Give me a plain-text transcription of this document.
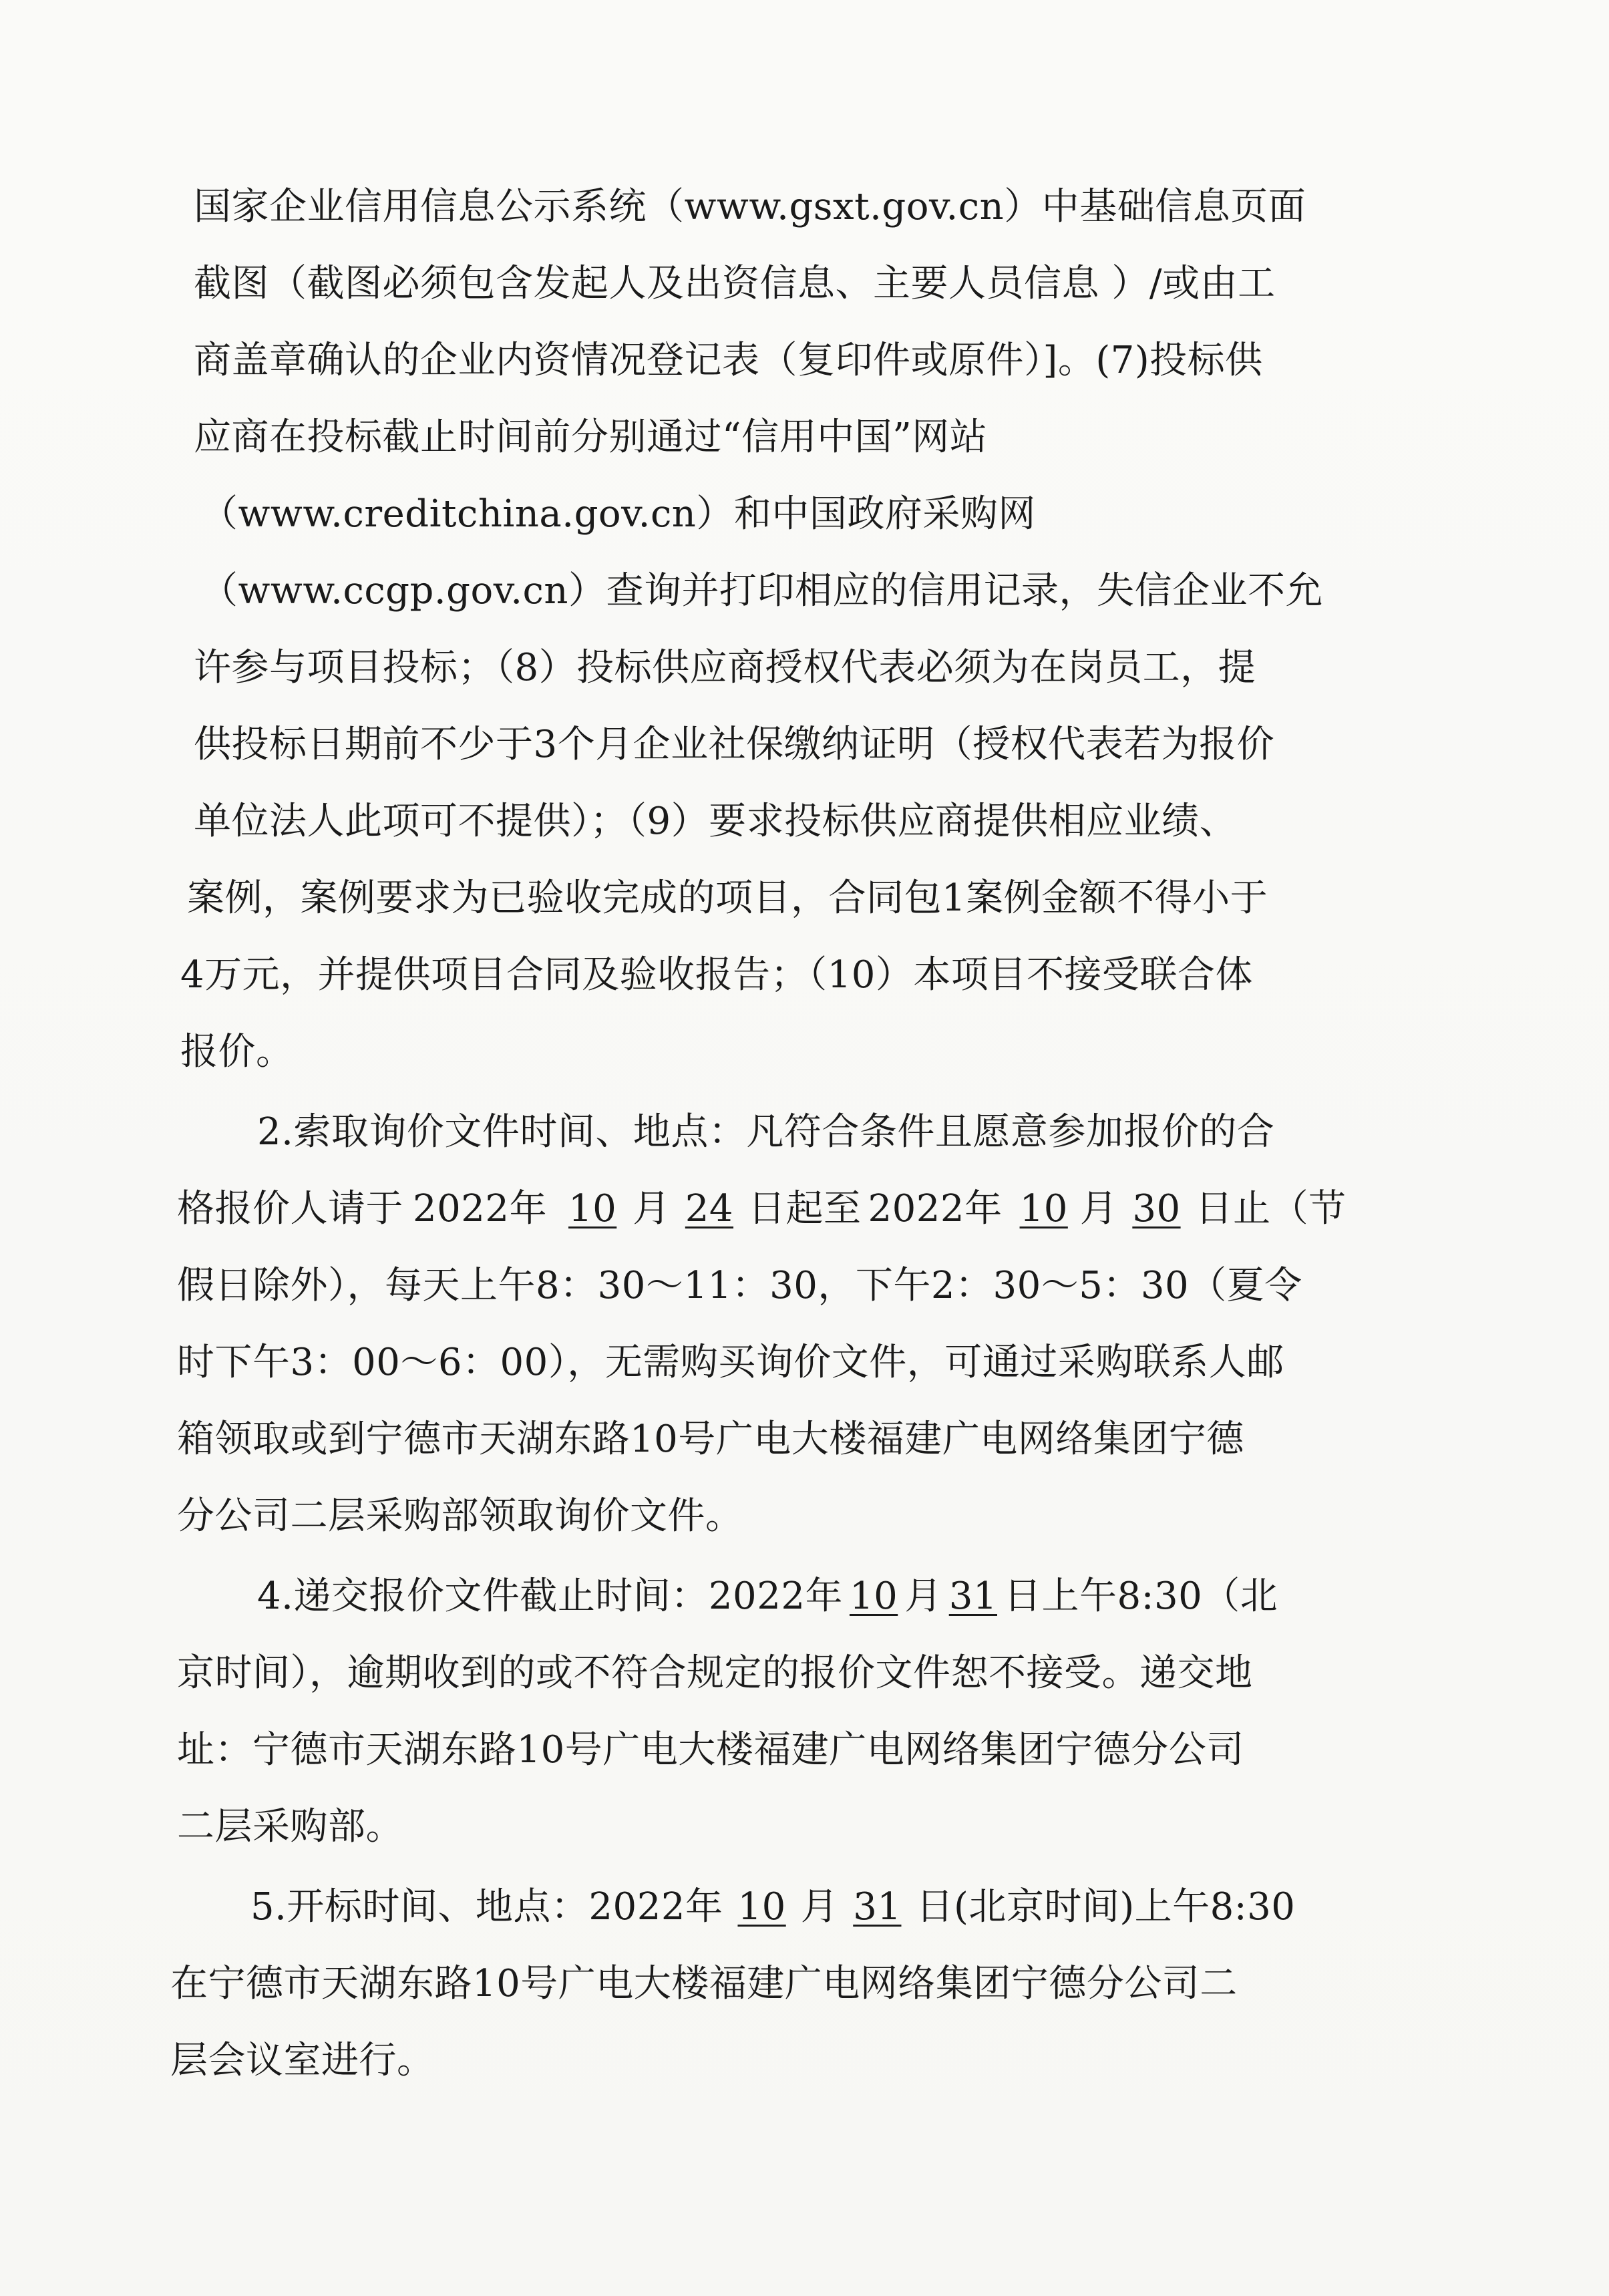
国家企业信用信息公示系统（www.gsxt.gov.cn）中基础信息页面
截图（截图必须包含发起人及出资信息、主要人员信息 ）/或由工
商盖章确认的企业内资情况登记表（复印件或原件）]。(7)投标供
应商在投标截止时间前分别通过“信用中国”网站
（www.creditchina.gov.cn）和中国政府采购网
（www.ccgp.gov.cn）查询并打印相应的信用记录，失信企业不允
许参与项目投标；（8）投标供应商授权代表必须为在岗员工，提
供投标日期前不少于3个月企业社保缴纳证明（授权代表若为报价
单位法人此项可不提供）；（9）要求投标供应商提供相应业绩、
案例，案例要求为已验收完成的项目，合同包1案例金额不得小于
4万元，并提供项目合同及验收报告；（10）本项目不接受联合体
报价。
2.索取询价文件时间、地点：凡符合条件且愿意参加报价的合
格报价人请于 2022年 10 月 24 日起至 2022年 10 月 30 日止（节
假日除外），每天上午8：30～11：30，下午2：30～5：30（夏令
时下午3：00～6：00），无需购买询价文件，可通过采购联系人邮
箱领取或到宁德市天湖东路10号广电大楼福建广电网络集团宁德
分公司二层采购部领取询价文件。
4.递交报价文件截止时间：2022年 10 月 31 日上午8:30（北
京时间），逾期收到的或不符合规定的报价文件恕不接受。递交地
址：宁德市天湖东路10号广电大楼福建广电网络集团宁德分公司
二层采购部。
5.开标时间、地点：2022年 10 月 31 日(北京时间)上午8:30
在宁德市天湖东路10号广电大楼福建广电网络集团宁德分公司二
层会议室进行。
